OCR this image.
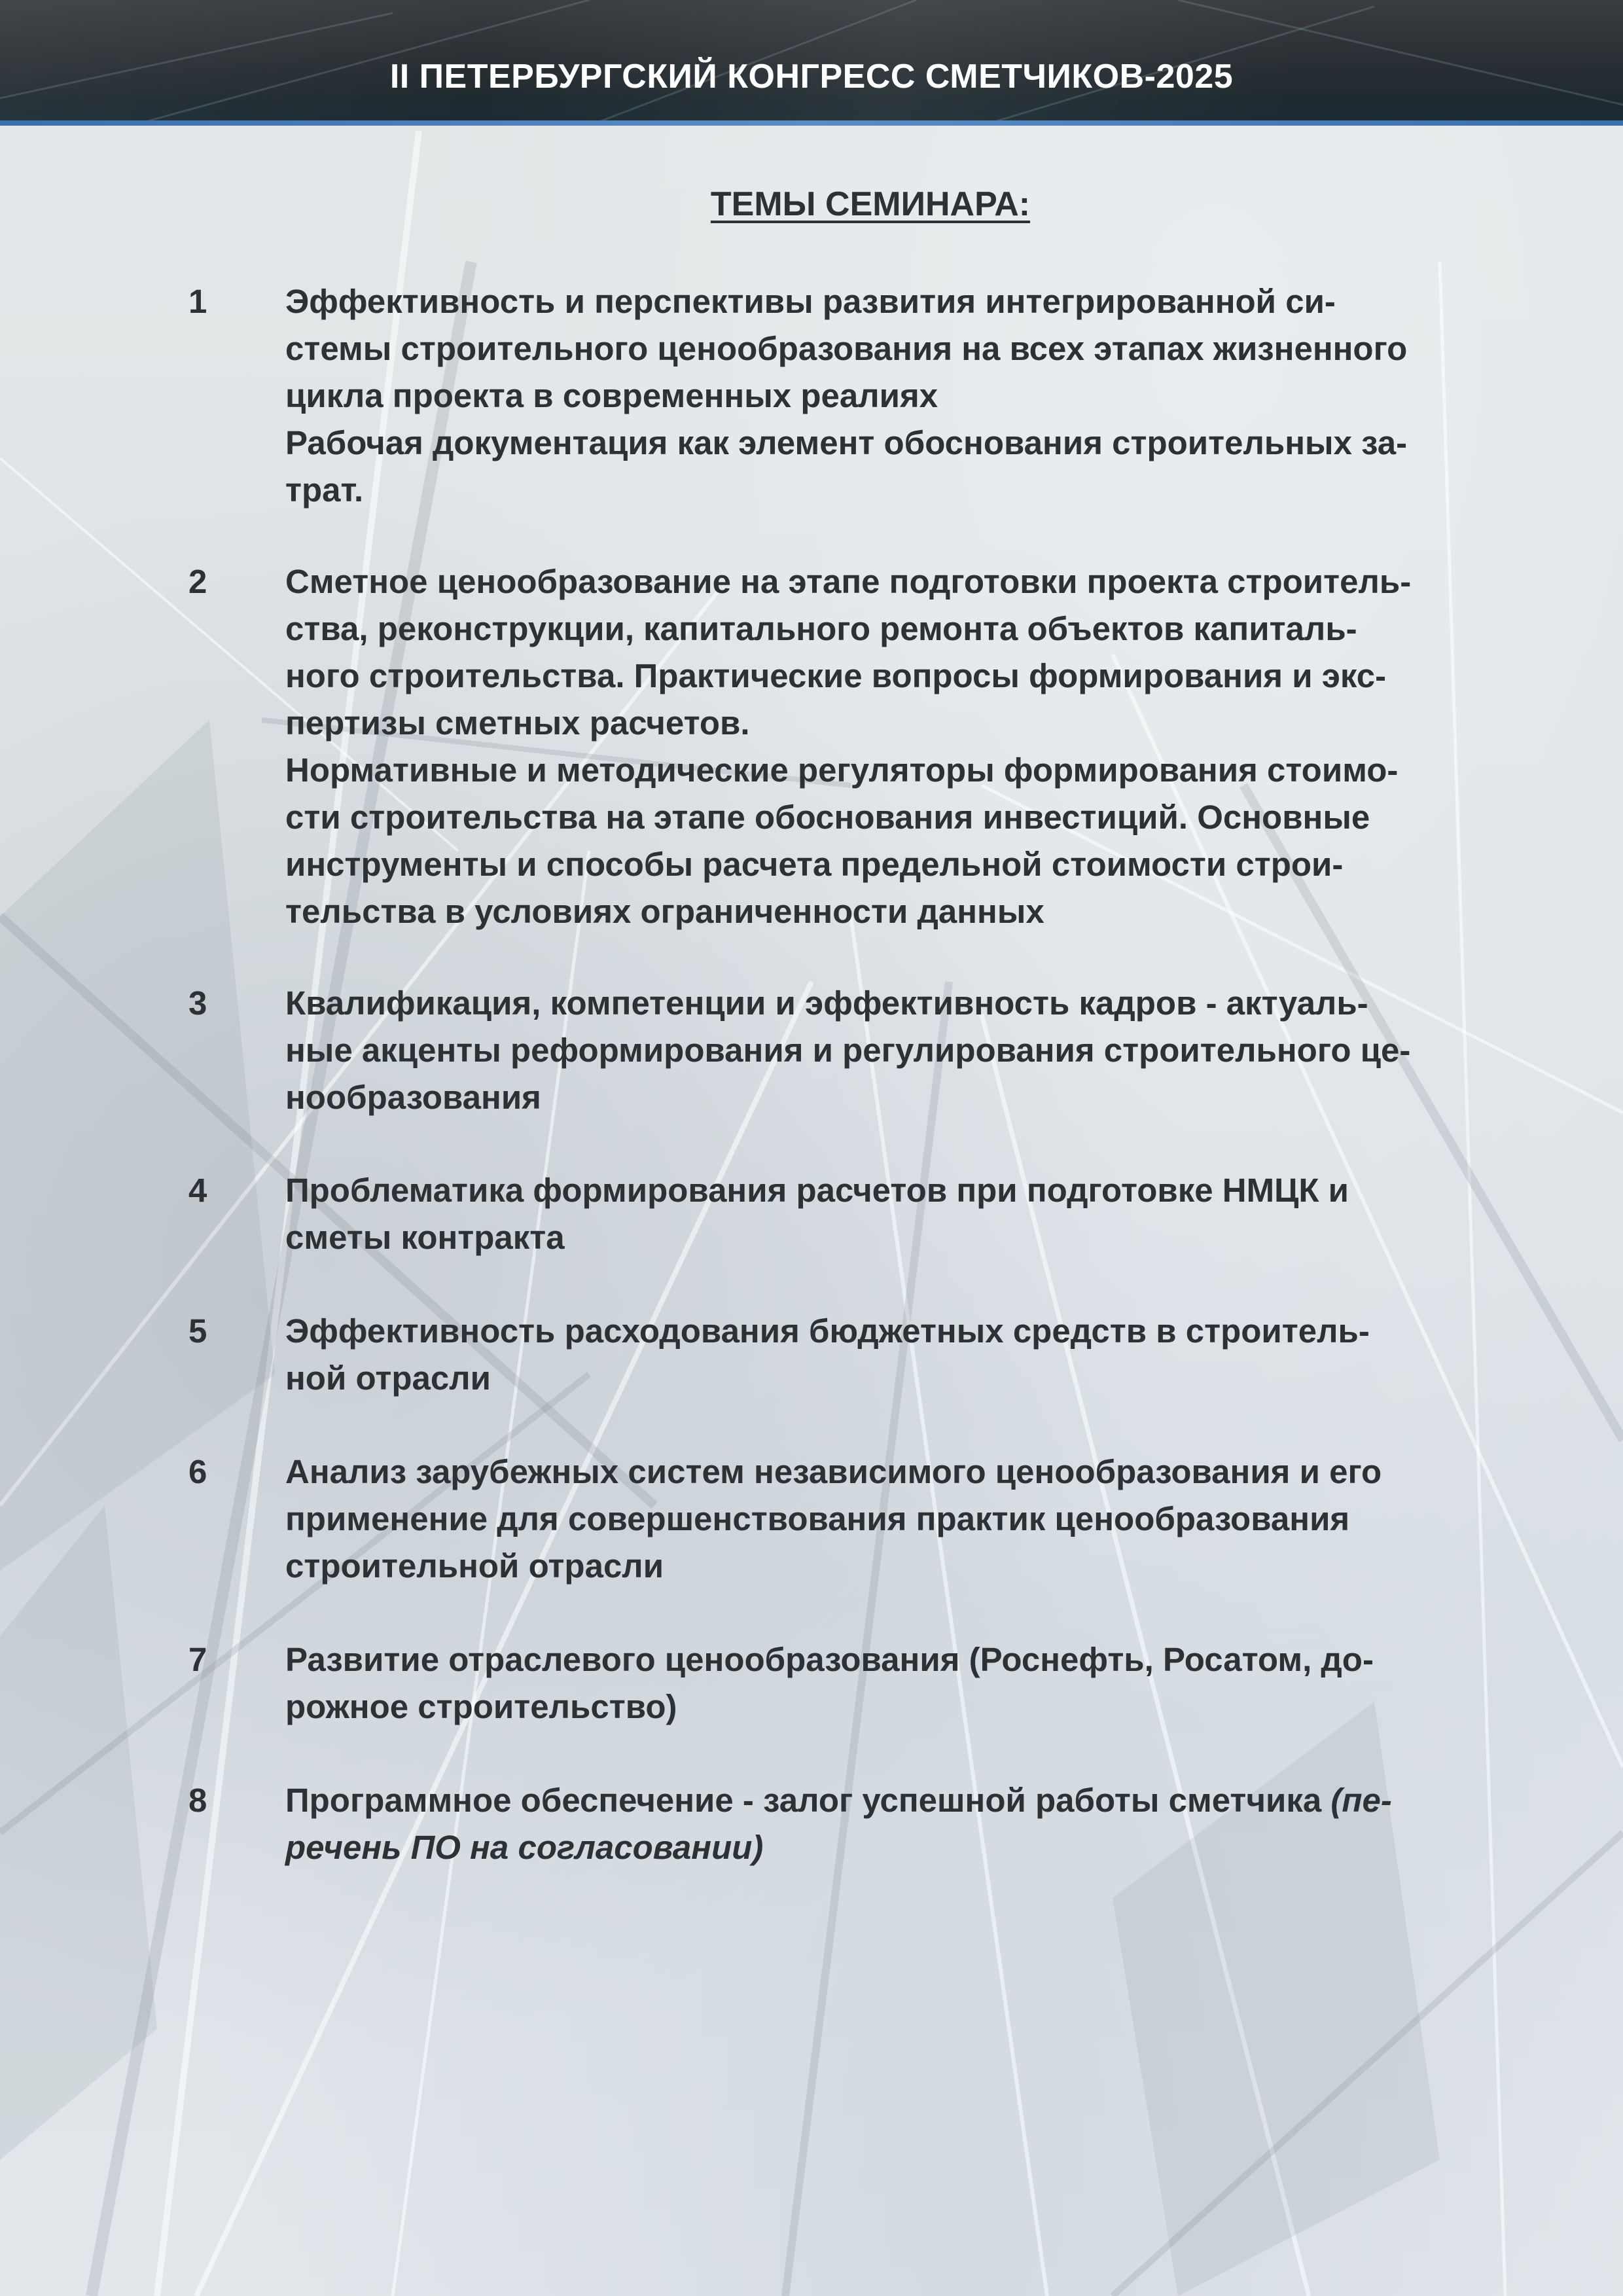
II ПЕТЕРБУРГСКИЙ КОНГРЕСС СМЕТЧИКОВ-2025
ТЕМЫ СЕМИНАРА:
1 Эффективность и перспективы развития интегрированной си-
стемы строительного ценообразования на всех этапах жизненного
цикла проекта в современных реалиях
Рабочая документация как элемент обоснования строительных за-
трат.
2 Сметное ценообразование на этапе подготовки проекта строитель-
ства, реконструкции, капитального ремонта объектов капиталь-
ного строительства. Практические вопросы формирования и экс-
пертизы сметных расчетов.
Нормативные и методические регуляторы формирования стоимо-
сти строительства на этапе обоснования инвестиций. Основные
инструменты и способы расчета предельной стоимости строи-
тельства в условиях ограниченности данных
3 Квалификация, компетенции и эффективность кадров - актуаль-
ные акценты реформирования и регулирования строительного це-
нообразования
4 Проблематика формирования расчетов при подготовке НМЦК и
сметы контракта
5 Эффективность расходования бюджетных средств в строитель-
ной отрасли
6 Анализ зарубежных систем независимого ценообразования и его
применение для совершенствования практик ценообразования
строительной отрасли
7 Развитие отраслевого ценообразования (Роснефть, Росатом, до-
рожное строительство)
8 Программное обеспечение - залог успешной работы сметчика (пе-
речень ПО на согласовании)
